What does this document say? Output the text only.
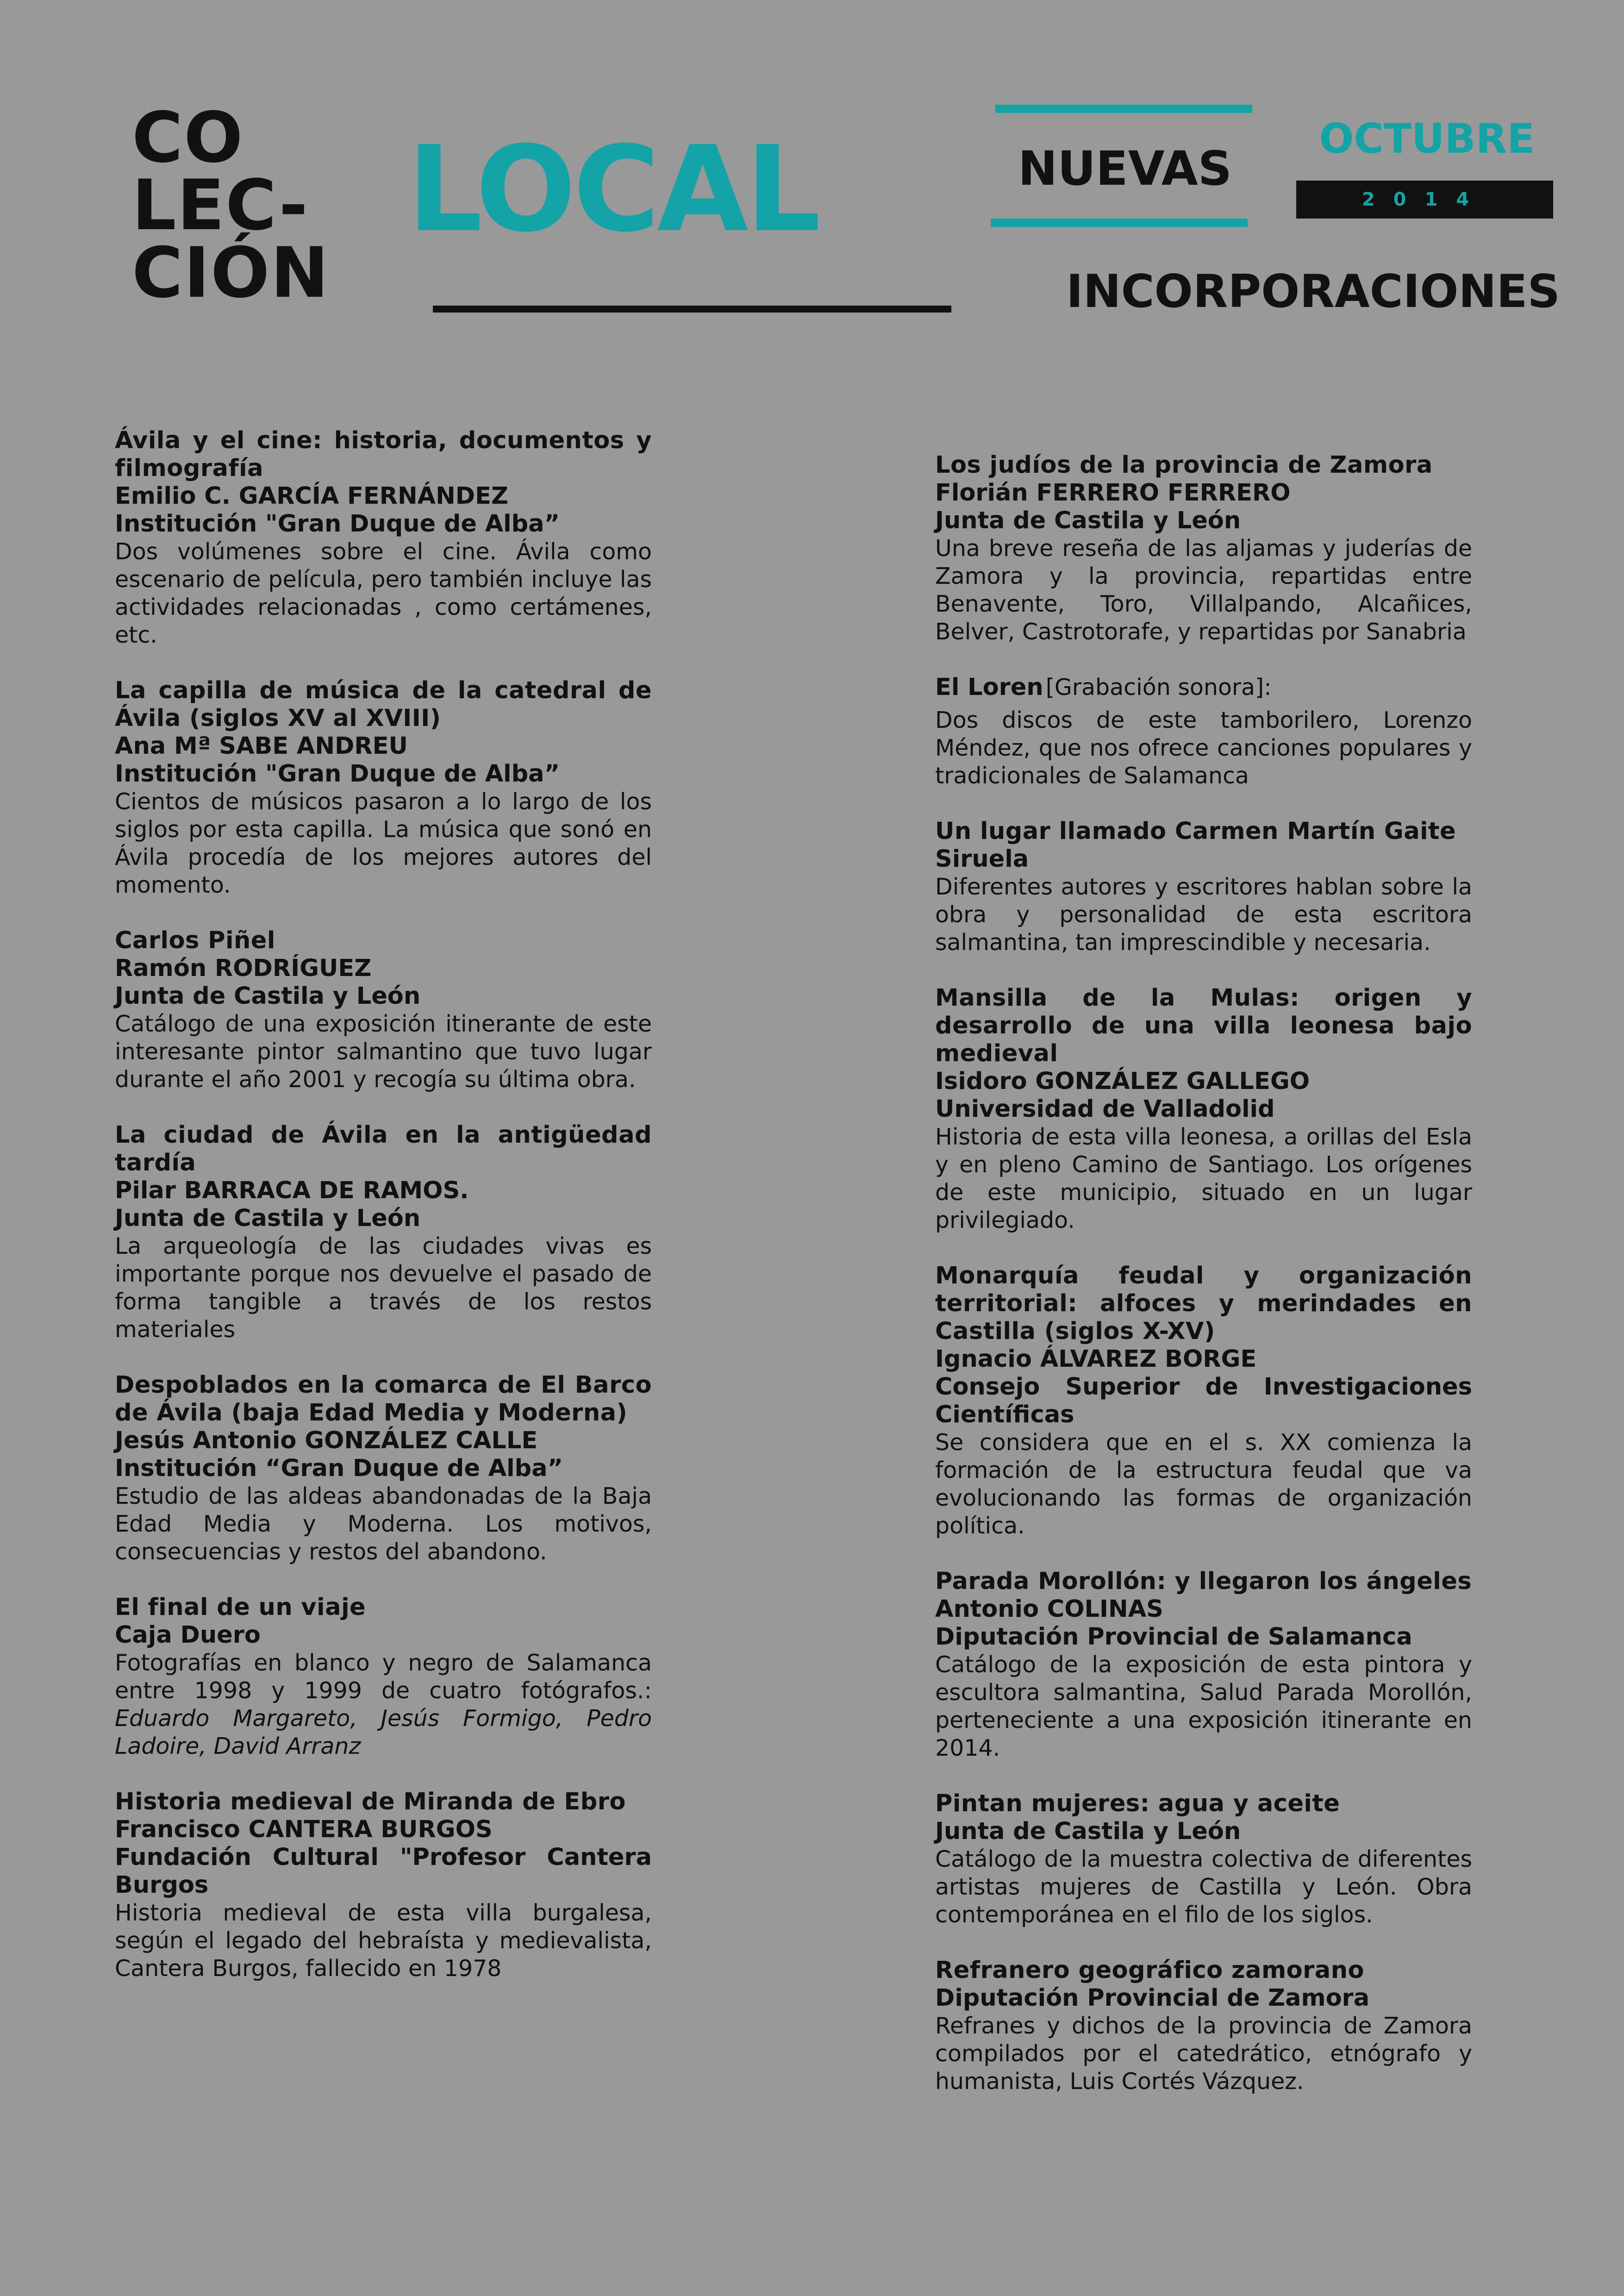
CO
LEC-
CIÓN
LOCAL	NUEVAS
OCTUBRE
2014
INCORPORACIONES
Ávila y el cine: historia, documentos y filmografía
Emilio C. GARCÍA FERNÁNDEZ
Institución "Gran Duque de Alba”
Dos volúmenes sobre el cine. Ávila como escenario de película, pero también incluye las actividades relacionadas , como certámenes, etc.
La capilla de música de la catedral de Ávila (siglos XV al XVIII)
Ana Mª SABE ANDREU
Institución "Gran Duque de Alba”
Cientos de músicos pasaron a lo largo de los siglos por esta capilla. La música que sonó en Ávila procedía de los mejores autores del momento.
Carlos Piñel
Ramón RODRÍGUEZ
Junta de Castila y León
Catálogo de una exposición itinerante de este interesante pintor salmantino que tuvo lugar durante el año 2001 y recogía su última obra.
La ciudad de Ávila en la antigüedad tardía
Pilar BARRACA DE RAMOS.
Junta de Castila y León
La arqueología de las ciudades vivas es importante porque nos devuelve el pasado de forma tangible a través de los restos materiales
Despoblados en la comarca de El Barco de Ávila (baja Edad Media y Moderna)
Jesús Antonio GONZÁLEZ CALLE
Institución “Gran Duque de Alba”
Estudio de las aldeas abandonadas de la Baja Edad Media y Moderna. Los motivos, consecuencias y restos del abandono.
El final de un viaje
Caja Duero
Fotografías en blanco y negro de Salamanca entre 1998 y 1999 de cuatro fotógrafos.: Eduardo Margareto, Jesús Formigo, Pedro Ladoire, David Arranz
Historia medieval de Miranda de Ebro
Francisco CANTERA BURGOS
Fundación Cultural "Profesor Cantera Burgos
Historia medieval de esta villa burgalesa, según el legado del hebraísta y medievalista, Cantera Burgos, fallecido en 1978
Los judíos de la provincia de Zamora
Florián FERRERO FERRERO
Junta de Castila y León
Una breve reseña de las aljamas y juderías de Zamora y la provincia, repartidas entre Benavente, Toro, Villalpando, Alcañices, Belver, Castrotorafe, y repartidas por Sanabria
El Loren [Grabación sonora]:
Dos discos de este tamborilero, Lorenzo Méndez, que nos ofrece canciones populares y tradicionales de Salamanca
Un lugar llamado Carmen Martín Gaite
Siruela
Diferentes autores y escritores hablan sobre la obra y personalidad de esta escritora salmantina, tan imprescindible y necesaria.
Mansilla de la Mulas: origen y desarrollo de una villa leonesa bajo medieval
Isidoro GONZÁLEZ GALLEGO
Universidad de Valladolid
Historia de esta villa leonesa, a orillas del Esla y en pleno Camino de Santiago. Los orígenes de este municipio, situado en un lugar privilegiado.
Monarquía feudal y organización territorial: alfoces y merindades en Castilla (siglos X-XV)
Ignacio ÁLVAREZ BORGE
Consejo Superior de Investigaciones Científicas
Se considera que en el s. XX comienza la formación de la estructura feudal que va evolucionando las formas de organización política.
Parada Morollón: y llegaron los ángeles
Antonio COLINAS
Diputación Provincial de Salamanca
Catálogo de la exposición de esta pintora y escultora salmantina, Salud Parada Morollón, perteneciente a una exposición itinerante en 2014.
Pintan mujeres: agua y aceite
Junta de Castila y León
Catálogo de la muestra colectiva de diferentes artistas mujeres de Castilla y León. Obra contemporánea en el filo de los siglos.
Refranero geográfico zamorano
Diputación Provincial de Zamora
Refranes y dichos de la provincia de Zamora compilados por el catedrático, etnógrafo y humanista, Luis Cortés Vázquez.
